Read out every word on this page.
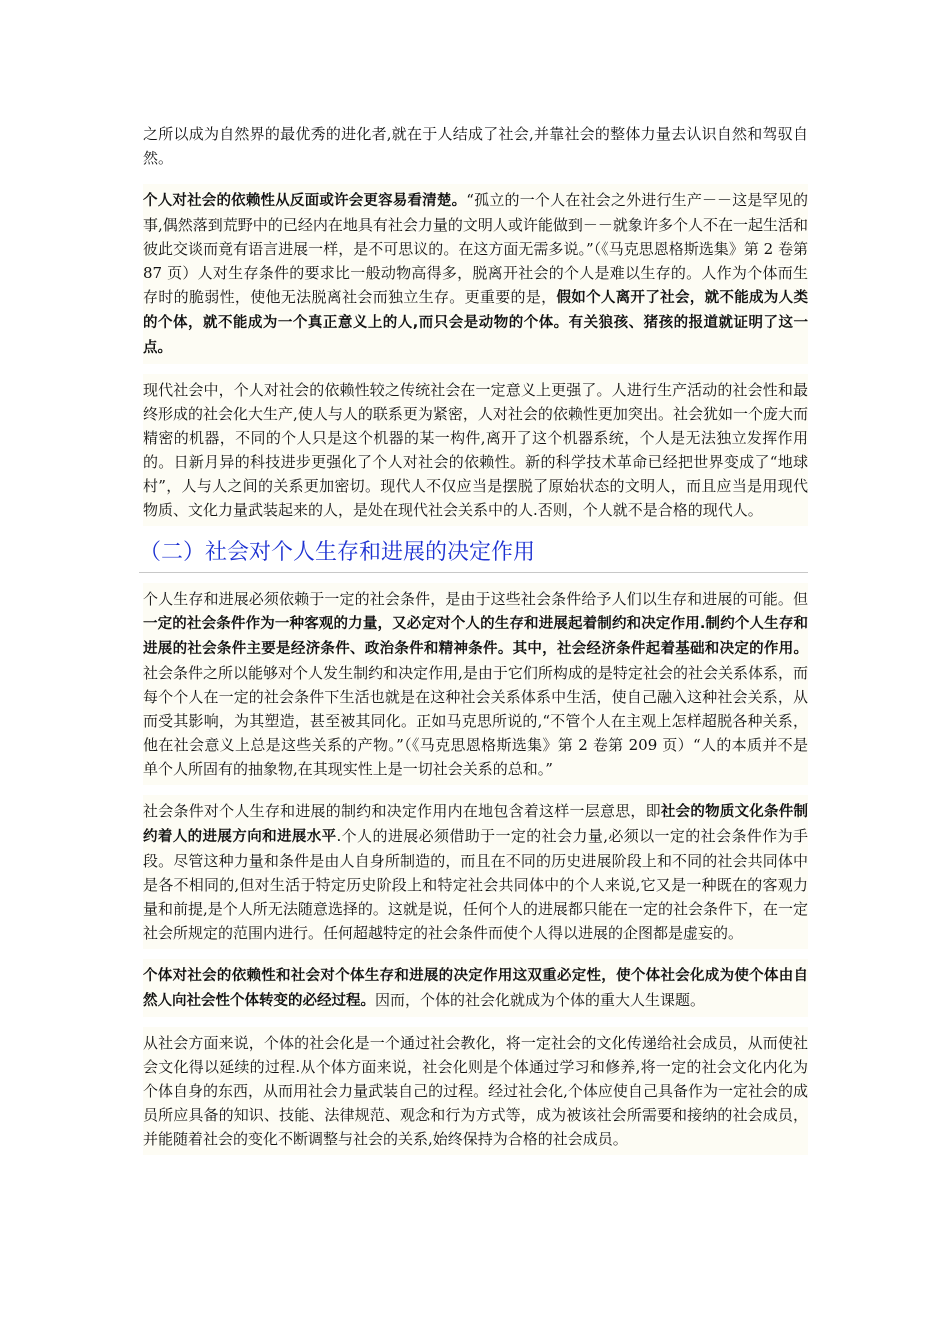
之所以成为自然界的最优秀的进化者,就在于人结成了社会,并靠社会的整体力量去认识自然和驾驭自然。

个人对社会的依赖性从反面或许会更容易看清楚。“孤立的一个人在社会之外进行生产－－这是罕见的事,偶然落到荒野中的已经内在地具有社会力量的文明人或许能做到－－就象许多个人不在一起生活和彼此交谈而竟有语言进展一样，是不可思议的。在这方面无需多说。”（《马克思恩格斯选集》第 2 卷第 87 页）人对生存条件的要求比一般动物高得多，脱离开社会的个人是难以生存的。人作为个体而生存时的脆弱性，使他无法脱离社会而独立生存。更重要的是，假如个人离开了社会，就不能成为人类的个体，就不能成为一个真正意义上的人,而只会是动物的个体。有关狼孩、猪孩的报道就证明了这一点。

现代社会中，个人对社会的依赖性较之传统社会在一定意义上更强了。人进行生产活动的社会性和最终形成的社会化大生产,使人与人的联系更为紧密，人对社会的依赖性更加突出。社会犹如一个庞大而精密的机器，不同的个人只是这个机器的某一构件,离开了这个机器系统，个人是无法独立发挥作用的。日新月异的科技进步更强化了个人对社会的依赖性。新的科学技术革命已经把世界变成了“地球村”，人与人之间的关系更加密切。现代人不仅应当是摆脱了原始状态的文明人，而且应当是用现代物质、文化力量武装起来的人，是处在现代社会关系中的人.否则，个人就不是合格的现代人。

（二）社会对个人生存和进展的决定作用

个人生存和进展必须依赖于一定的社会条件，是由于这些社会条件给予人们以生存和进展的可能。但一定的社会条件作为一种客观的力量，又必定对个人的生存和进展起着制约和决定作用.制约个人生存和进展的社会条件主要是经济条件、政治条件和精神条件。其中，社会经济条件起着基础和决定的作用。社会条件之所以能够对个人发生制约和决定作用,是由于它们所构成的是特定社会的社会关系体系，而每个个人在一定的社会条件下生活也就是在这种社会关系体系中生活，使自己融入这种社会关系，从而受其影响，为其塑造，甚至被其同化。正如马克思所说的,“不管个人在主观上怎样超脱各种关系，他在社会意义上总是这些关系的产物。”（《马克思恩格斯选集》第 2 卷第 209 页）“人的本质并不是单个人所固有的抽象物,在其现实性上是一切社会关系的总和。”

社会条件对个人生存和进展的制约和决定作用内在地包含着这样一层意思，即社会的物质文化条件制约着人的进展方向和进展水平.个人的进展必须借助于一定的社会力量,必须以一定的社会条件作为手段。尽管这种力量和条件是由人自身所制造的，而且在不同的历史进展阶段上和不同的社会共同体中是各不相同的,但对生活于特定历史阶段上和特定社会共同体中的个人来说,它又是一种既在的客观力量和前提,是个人所无法随意选择的。这就是说，任何个人的进展都只能在一定的社会条件下，在一定社会所规定的范围内进行。任何超越特定的社会条件而使个人得以进展的企图都是虚妄的。

个体对社会的依赖性和社会对个体生存和进展的决定作用这双重必定性，使个体社会化成为使个体由自然人向社会性个体转变的必经过程。因而，个体的社会化就成为个体的重大人生课题。

从社会方面来说，个体的社会化是一个通过社会教化，将一定社会的文化传递给社会成员，从而使社会文化得以延续的过程.从个体方面来说，社会化则是个体通过学习和修养,将一定的社会文化内化为个体自身的东西，从而用社会力量武装自己的过程。经过社会化,个体应使自己具备作为一定社会的成员所应具备的知识、技能、法律规范、观念和行为方式等，成为被该社会所需要和接纳的社会成员，并能随着社会的变化不断调整与社会的关系,始终保持为合格的社会成员。
